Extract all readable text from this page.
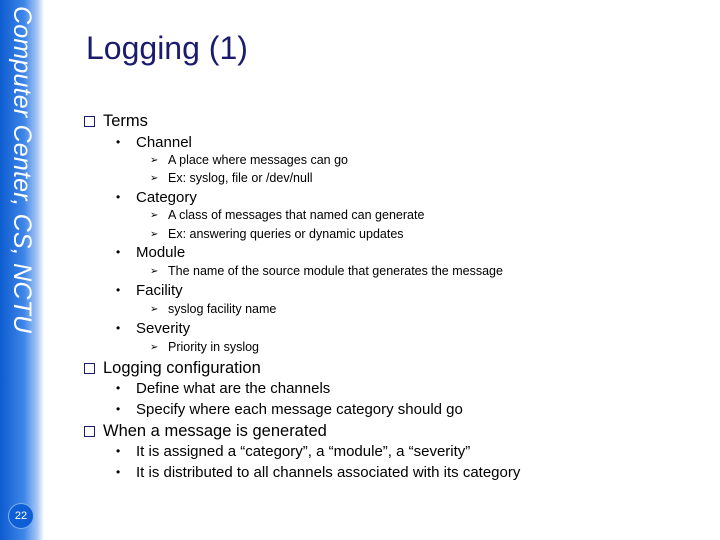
Computer Center, CS, NCTU
22
Logging (1)
Terms
• Channel
➢ A place where messages can go
➢ Ex: syslog, file or /dev/null
• Category
➢ A class of messages that named can generate
➢ Ex: answering queries or dynamic updates
• Module
➢ The name of the source module that generates the message
• Facility
➢ syslog facility name
• Severity
➢ Priority in syslog
Logging configuration
• Define what are the channels
• Specify where each message category should go
When a message is generated
• It is assigned a “category”, a “module”, a “severity”
• It is distributed to all channels associated with its category
